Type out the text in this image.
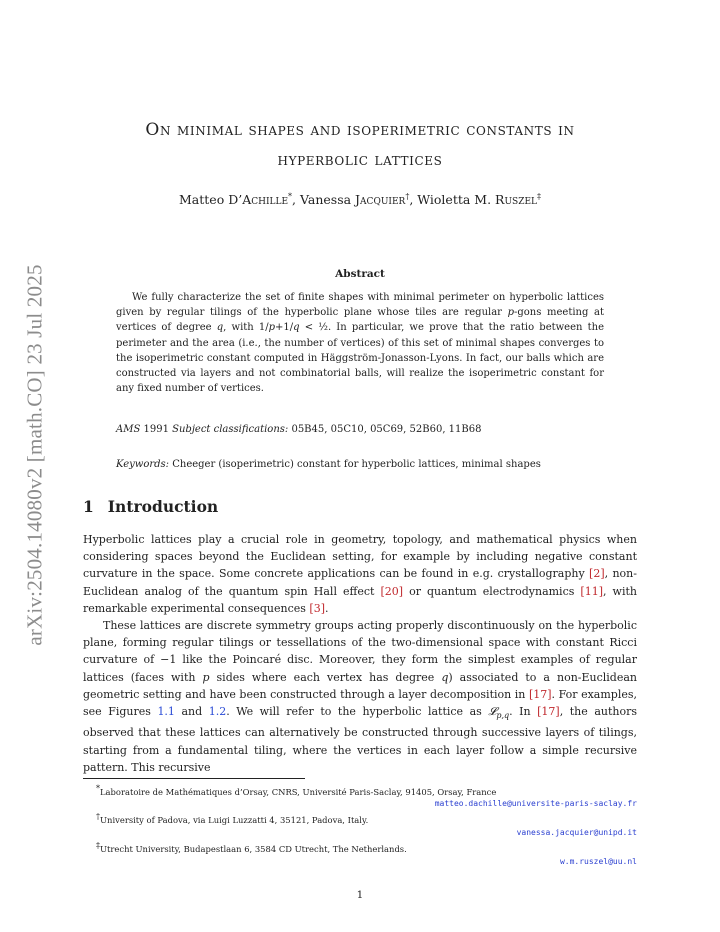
arXiv:2504.14080v2 [math.CO] 23 Jul 2025
On minimal shapes and isoperimetric constants in
hyperbolic lattices
Matteo D’Achille*, Vanessa Jacquier†, Wioletta M. Ruszel‡
Abstract

We fully characterize the set of finite shapes with minimal perimeter on hyperbolic lattices given by regular tilings of the hyperbolic plane whose tiles are regular p-gons meeting at vertices of degree q, with 1/p+1/q < ½. In particular, we prove that the ratio between the perimeter and the area (i.e., the number of vertices) of this set of minimal shapes converges to the isoperimetric constant computed in Häggström-Jonasson-Lyons. In fact, our balls which are constructed via layers and not combinatorial balls, will realize the isoperimetric constant for any fixed number of vertices.

AMS 1991 Subject classifications: 05B45, 05C10, 05C69, 52B60, 11B68
Keywords: Cheeger (isoperimetric) constant for hyperbolic lattices, minimal shapes
1 Introduction

Hyperbolic lattices play a crucial role in geometry, topology, and mathematical physics when considering spaces beyond the Euclidean setting, for example by including negative constant curvature in the space. Some concrete applications can be found in e.g. crystallography [2], non-Euclidean analog of the quantum spin Hall effect [20] or quantum electrodynamics [11], with remarkable experimental consequences [3].

These lattices are discrete symmetry groups acting properly discontinuously on the hyperbolic plane, forming regular tilings or tessellations of the two-dimensional space with constant Ricci curvature of −1 like the Poincaré disc. Moreover, they form the simplest examples of regular lattices (faces with p sides where each vertex has degree q) associated to a non-Euclidean geometric setting and have been constructed through a layer decomposition in [17]. For examples, see Figures 1.1 and 1.2. We will refer to the hyperbolic lattice as 𝓛$_{p,q}$. In [17], the authors observed that these lattices can alternatively be constructed through successive layers of tilings, starting from a fundamental tiling, where the vertices in each layer follow a simple recursive pattern. This recursive

*Laboratoire de Mathématiques d’Orsay, CNRS, Université Paris-Saclay, 91405, Orsay, France
matteo.dachille@universite-paris-saclay.fr
†University of Padova, via Luigi Luzzatti 4, 35121, Padova, Italy.
vanessa.jacquier@unipd.it
‡Utrecht University, Budapestlaan 6, 3584 CD Utrecht, The Netherlands.
w.m.ruszel@uu.nl
1
